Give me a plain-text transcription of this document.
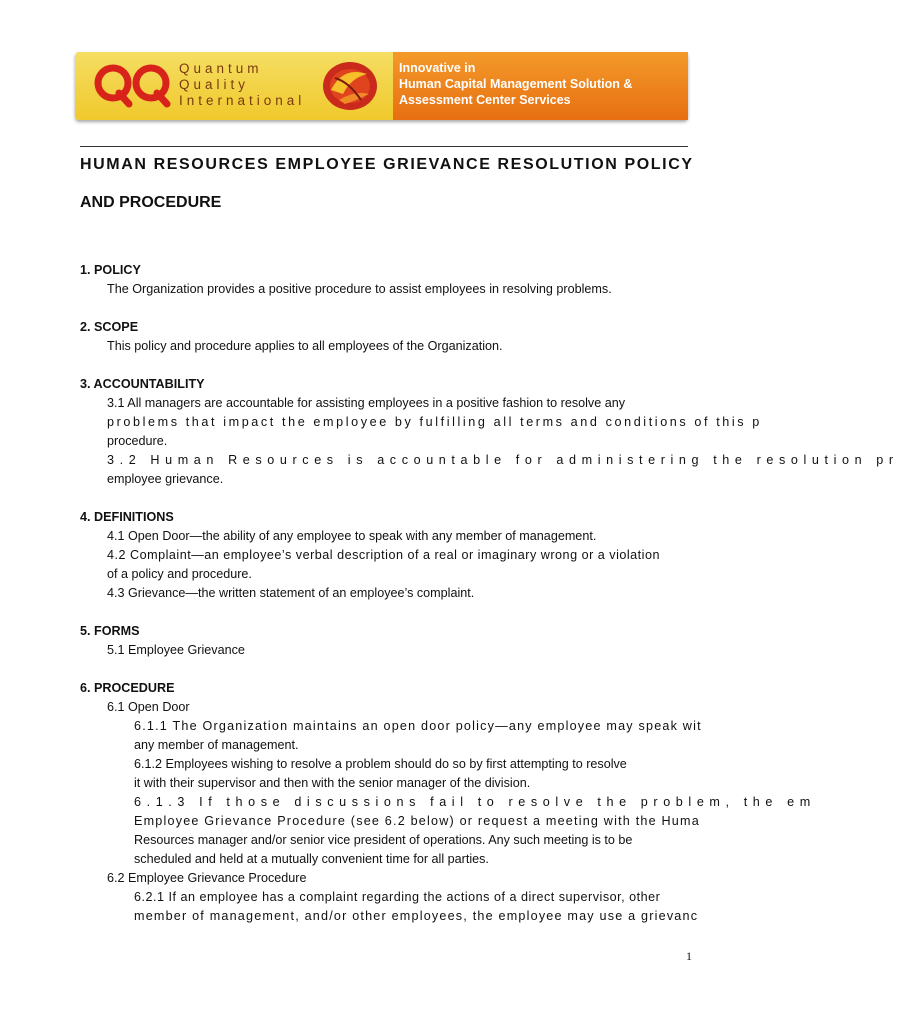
Quantum
Quality
International
Innovative in
Human Capital Management Solution &
Assessment Center Services
HUMAN RESOURCES EMPLOYEE GRIEVANCE RESOLUTION POLICY
AND PROCEDURE
1. POLICY
The Organization provides a positive procedure to assist employees in resolving problems.
2. SCOPE
This policy and procedure applies to all employees of the Organization.
3. ACCOUNTABILITY
3.1 All managers are accountable for assisting employees in a positive fashion to resolve any
problems that impact the employee by fulfilling all terms and conditions of this p
procedure.
3.2 Human Resources is accountable for administering the resolution pr
employee grievance.
4. DEFINITIONS
4.1 Open Door—the ability of any employee to speak with any member of management.
4.2 Complaint—an employee’s verbal description of a real or imaginary wrong or a violation
of a policy and procedure.
4.3 Grievance—the written statement of an employee’s complaint.
5. FORMS
5.1 Employee Grievance
6. PROCEDURE
6.1 Open Door
6.1.1 The Organization maintains an open door policy—any employee may speak wit
any member of management.
6.1.2 Employees wishing to resolve a problem should do so by first attempting to resolve
it with their supervisor and then with the senior manager of the division.
6.1.3 If those discussions fail to resolve the problem, the em
Employee Grievance Procedure (see 6.2 below) or request a meeting with the Huma
Resources manager and/or senior vice president of operations. Any such meeting is to be
scheduled and held at a mutually convenient time for all parties.
6.2 Employee Grievance Procedure
6.2.1 If an employee has a complaint regarding the actions of a direct supervisor, other
member of management, and/or other employees, the employee may use a grievanc
1
